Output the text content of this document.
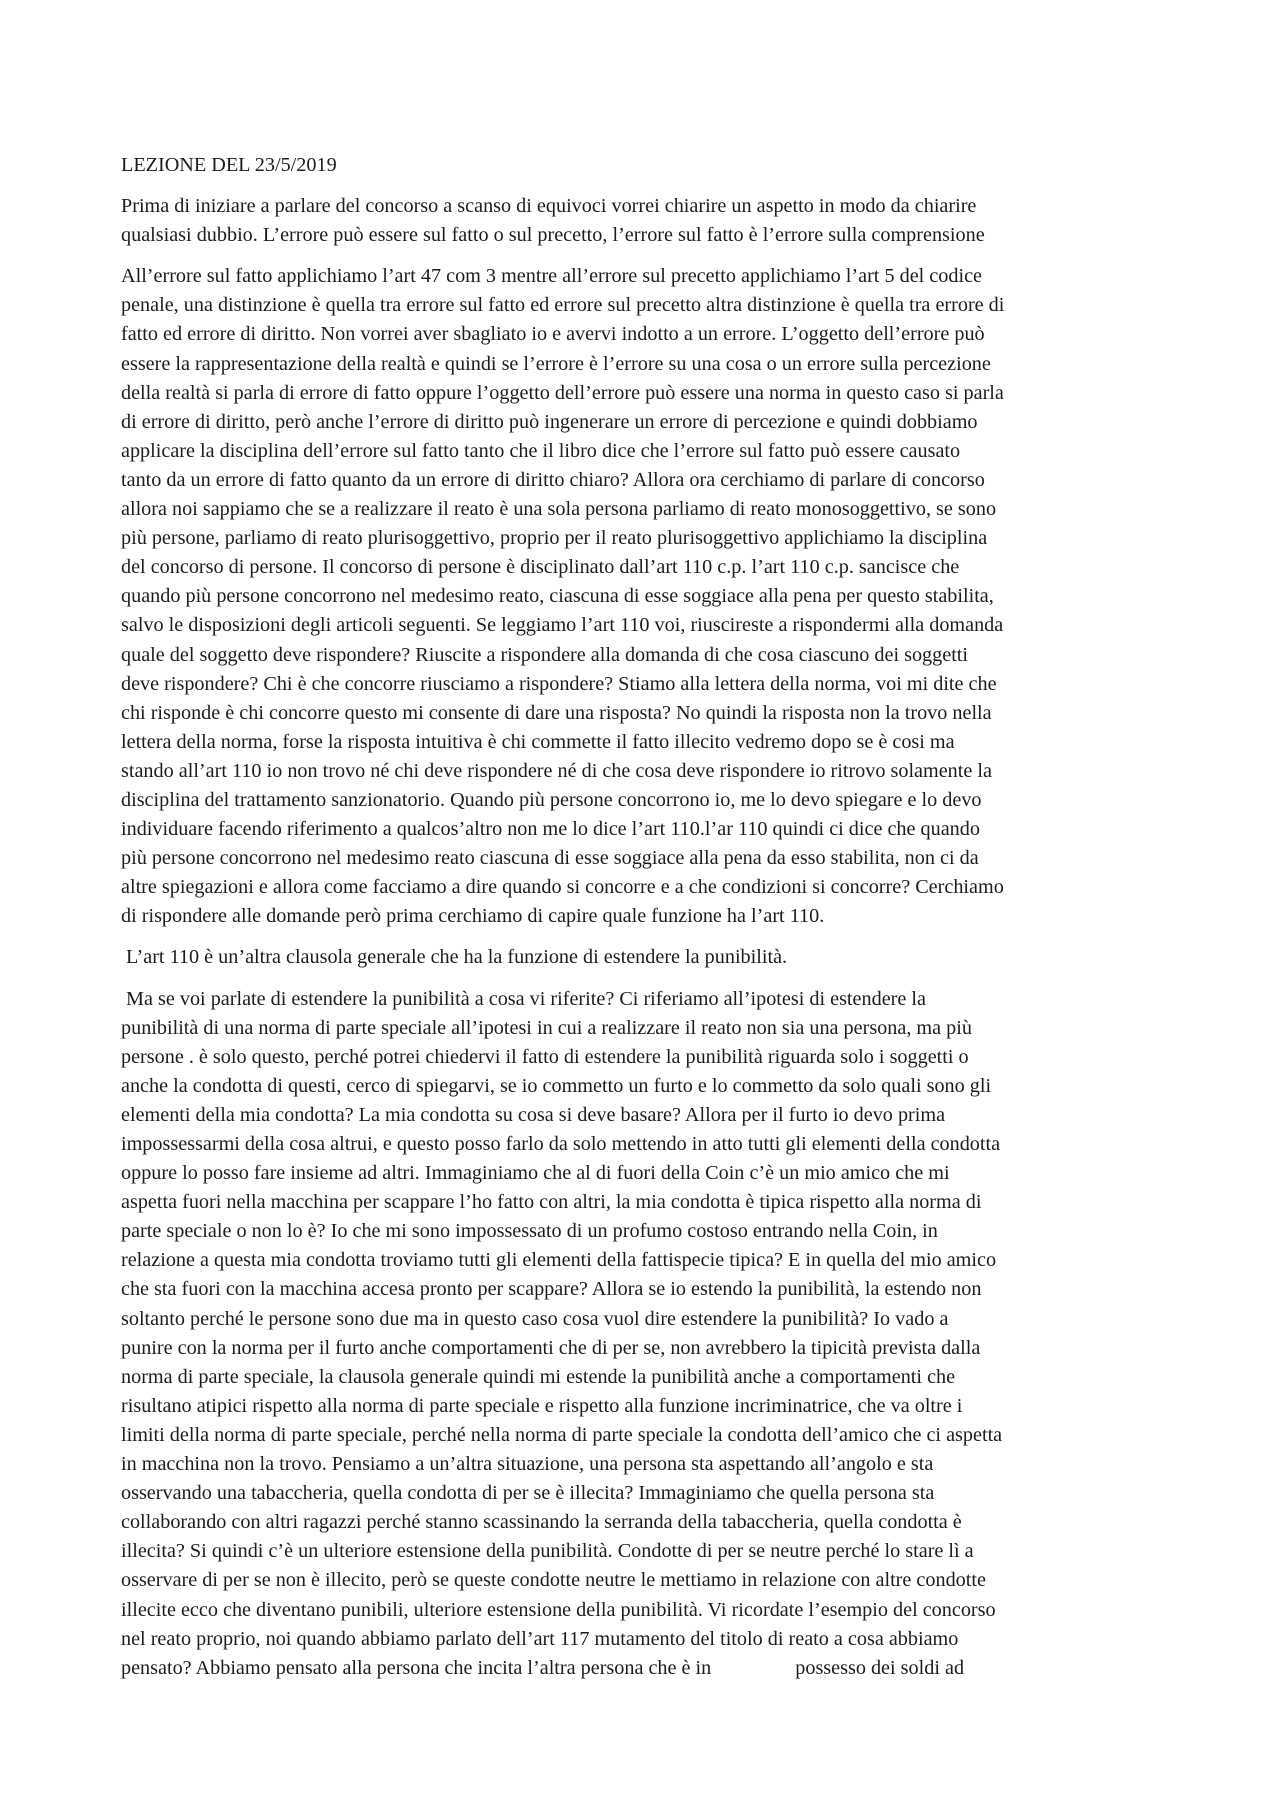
LEZIONE DEL 23/5/2019
Prima di iniziare a parlare del concorso a scanso di equivoci vorrei chiarire un aspetto in modo da chiarire
qualsiasi dubbio. L’errore può essere sul fatto o sul precetto, l’errore sul fatto è l’errore sulla comprensione
All’errore sul fatto applichiamo l’art 47 com 3 mentre all’errore sul precetto applichiamo l’art 5 del codice
penale, una distinzione è quella tra errore sul fatto ed errore sul precetto altra distinzione è quella tra errore di
fatto ed errore di diritto. Non vorrei aver sbagliato io e avervi indotto a un errore. L’oggetto dell’errore può
essere la rappresentazione della realtà e quindi se l’errore è l’errore su una cosa o un errore sulla percezione
della realtà si parla di errore di fatto oppure l’oggetto dell’errore può essere una norma in questo caso si parla
di errore di diritto, però anche l’errore di diritto può ingenerare un errore di percezione e quindi dobbiamo
applicare la disciplina dell’errore sul fatto tanto che il libro dice che l’errore sul fatto può essere causato
tanto da un errore di fatto quanto da un errore di diritto chiaro? Allora ora cerchiamo di parlare di concorso
allora noi sappiamo che se a realizzare il reato è una sola persona parliamo di reato monosoggettivo, se sono
più persone, parliamo di reato plurisoggettivo, proprio per il reato plurisoggettivo applichiamo la disciplina
del concorso di persone. Il concorso di persone è disciplinato dall’art 110 c.p. l’art 110 c.p. sancisce che
quando più persone concorrono nel medesimo reato, ciascuna di esse soggiace alla pena per questo stabilita,
salvo le disposizioni degli articoli seguenti. Se leggiamo l’art 110 voi, riuscireste a rispondermi alla domanda
quale del soggetto deve rispondere? Riuscite a rispondere alla domanda di che cosa ciascuno dei soggetti
deve rispondere? Chi è che concorre riusciamo a rispondere? Stiamo alla lettera della norma, voi mi dite che
chi risponde è chi concorre questo mi consente di dare una risposta? No quindi la risposta non la trovo nella
lettera della norma, forse la risposta intuitiva è chi commette il fatto illecito vedremo dopo se è cosi ma
stando all’art 110 io non trovo né chi deve rispondere né di che cosa deve rispondere io ritrovo solamente la
disciplina del trattamento sanzionatorio. Quando più persone concorrono io, me lo devo spiegare e lo devo
individuare facendo riferimento a qualcos’altro non me lo dice l’art 110.l’ar 110 quindi ci dice che quando
più persone concorrono nel medesimo reato ciascuna di esse soggiace alla pena da esso stabilita, non ci da
altre spiegazioni e allora come facciamo a dire quando si concorre e a che condizioni si concorre? Cerchiamo
di rispondere alle domande però prima cerchiamo di capire quale funzione ha l’art 110.
L’art 110 è un’altra clausola generale che ha la funzione di estendere la punibilità.
Ma se voi parlate di estendere la punibilità a cosa vi riferite? Ci riferiamo all’ipotesi di estendere la
punibilità di una norma di parte speciale all’ipotesi in cui a realizzare il reato non sia una persona, ma più
persone . è solo questo, perché potrei chiedervi il fatto di estendere la punibilità riguarda solo i soggetti o
anche la condotta di questi, cerco di spiegarvi, se io commetto un furto e lo commetto da solo quali sono gli
elementi della mia condotta? La mia condotta su cosa si deve basare? Allora per il furto io devo prima
impossessarmi della cosa altrui, e questo posso farlo da solo mettendo in atto tutti gli elementi della condotta
oppure lo posso fare insieme ad altri. Immaginiamo che al di fuori della Coin c’è un mio amico che mi
aspetta fuori nella macchina per scappare l’ho fatto con altri, la mia condotta è tipica rispetto alla norma di
parte speciale o non lo è? Io che mi sono impossessato di un profumo costoso entrando nella Coin, in
relazione a questa mia condotta troviamo tutti gli elementi della fattispecie tipica? E in quella del mio amico
che sta fuori con la macchina accesa pronto per scappare? Allora se io estendo la punibilità, la estendo non
soltanto perché le persone sono due ma in questo caso cosa vuol dire estendere la punibilità? Io vado a
punire con la norma per il furto anche comportamenti che di per se, non avrebbero la tipicità prevista dalla
norma di parte speciale, la clausola generale quindi mi estende la punibilità anche a comportamenti che
risultano atipici rispetto alla norma di parte speciale e rispetto alla funzione incriminatrice, che va oltre i
limiti della norma di parte speciale, perché nella norma di parte speciale la condotta dell’amico che ci aspetta
in macchina non la trovo. Pensiamo a un’altra situazione, una persona sta aspettando all’angolo e sta
osservando una tabaccheria, quella condotta di per se è illecita? Immaginiamo che quella persona sta
collaborando con altri ragazzi perché stanno scassinando la serranda della tabaccheria, quella condotta è
illecita? Si quindi c’è un ulteriore estensione della punibilità. Condotte di per se neutre perché lo stare lì a
osservare di per se non è illecito, però se queste condotte neutre le mettiamo in relazione con altre condotte
illecite ecco che diventano punibili, ulteriore estensione della punibilità. Vi ricordate l’esempio del concorso
nel reato proprio, noi quando abbiamo parlato dell’art 117 mutamento del titolo di reato a cosa abbiamo
pensato? Abbiamo pensato alla persona che incita l’altra persona che è in	possesso dei soldi ad
